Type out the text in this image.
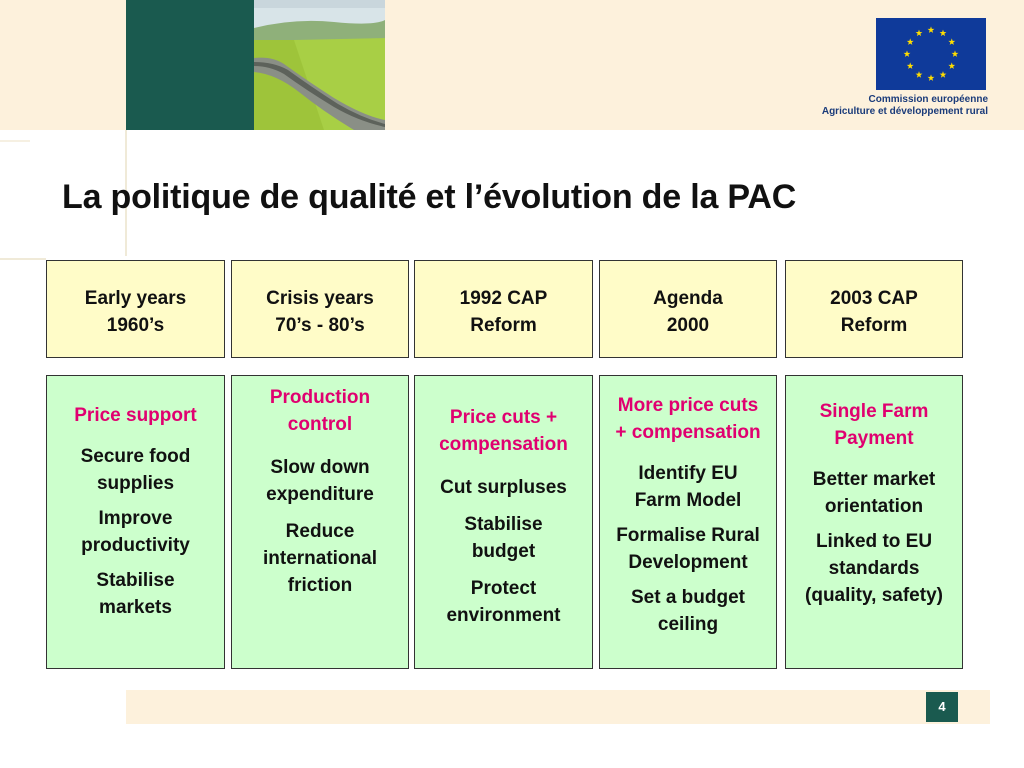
Commission européenne
Agriculture et développement rural
La politique de qualité et l’évolution de la PAC
Early years
1960’s
Price support
Secure food
supplies
Improve
productivity
Stabilise
markets
Crisis years
70’s - 80’s
Production
control
Slow down
expenditure
Reduce
international
friction
1992 CAP
Reform
Price cuts +
compensation
Cut surpluses
Stabilise
budget
Protect
environment
Agenda
2000
More price cuts
+ compensation
Identify EU
Farm Model
Formalise Rural
Development
Set a budget
ceiling
2003 CAP
Reform
Single Farm
Payment
Better market
orientation
Linked to EU
standards
(quality, safety)
4
